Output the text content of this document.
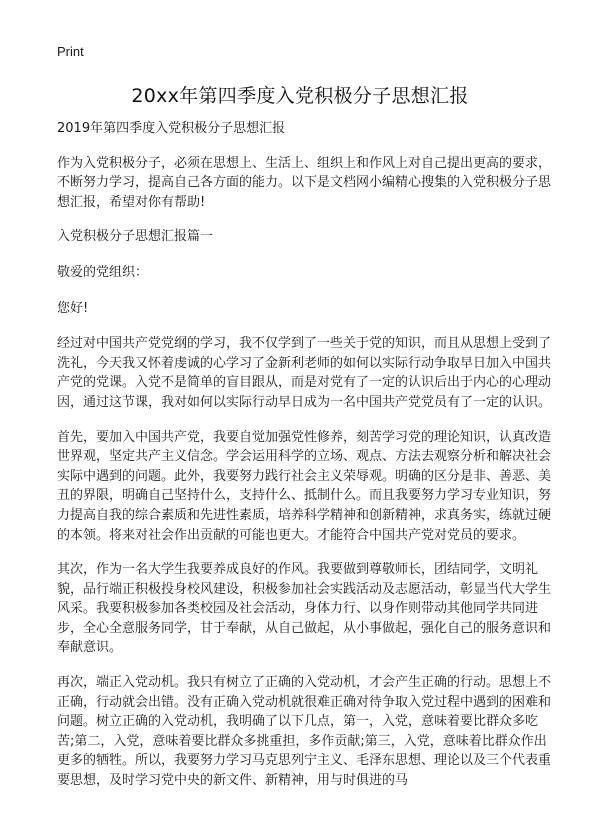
Print
20xx年第四季度入党积极分子思想汇报

2019年第四季度入党积极分子思想汇报

作为入党积极分子，必须在思想上、生活上、组织上和作风上对自己提出更高的要求，不断努力学习，提高自己各方面的能力。以下是文档网小编精心搜集的入党积极分子思想汇报，希望对你有帮助!

入党积极分子思想汇报篇一

敬爱的党组织：

您好!

经过对中国共产党党纲的学习，我不仅学到了一些关于党的知识，而且从思想上受到了洗礼，今天我又怀着虔诚的心学习了金新利老师的如何以实际行动争取早日加入中国共产党的党课。入党不是简单的盲目跟从，而是对党有了一定的认识后出于内心的心理动因，通过这节课，我对如何以实际行动早日成为一名中国共产党党员有了一定的认识。

首先，要加入中国共产党，我要自觉加强党性修养，刻苦学习党的理论知识，认真改造世界观，坚定共产主义信念。学会运用科学的立场、观点、方法去观察分析和解决社会实际中遇到的问题。此外，我要努力践行社会主义荣辱观。明确的区分是非、善恶、美丑的界限，明确自己坚持什么，支持什么、抵制什么。而且我要努力学习专业知识，努力提高自我的综合素质和先进性素质，培养科学精神和创新精神，求真务实，练就过硬的本领。将来对社会作出贡献的可能也更大。才能符合中国共产党对党员的要求。

其次，作为一名大学生我要养成良好的作风。我要做到尊敬师长，团结同学，文明礼貌，品行端正积极投身校风建设，积极参加社会实践活动及志愿活动，彰显当代大学生风采。我要积极参加各类校园及社会活动，身体力行、以身作则带动其他同学共同进步，全心全意服务同学，甘于奉献，从自己做起，从小事做起，强化自己的服务意识和奉献意识。

再次，端正入党动机。我只有树立了正确的入党动机，才会产生正确的行动。思想上不正确，行动就会出错。没有正确入党动机就很难正确对待争取入党过程中遇到的困难和问题。树立正确的入党动机，我明确了以下几点，第一，入党，意味着要比群众多吃苦;第二，入党，意味着要比群众多挑重担，多作贡献;第三，入党，意味着比群众作出更多的牺牲。所以，我要努力学习马克思列宁主义、毛泽东思想、理论以及三个代表重要思想，及时学习党中央的新文件、新精神，用与时俱进的马
